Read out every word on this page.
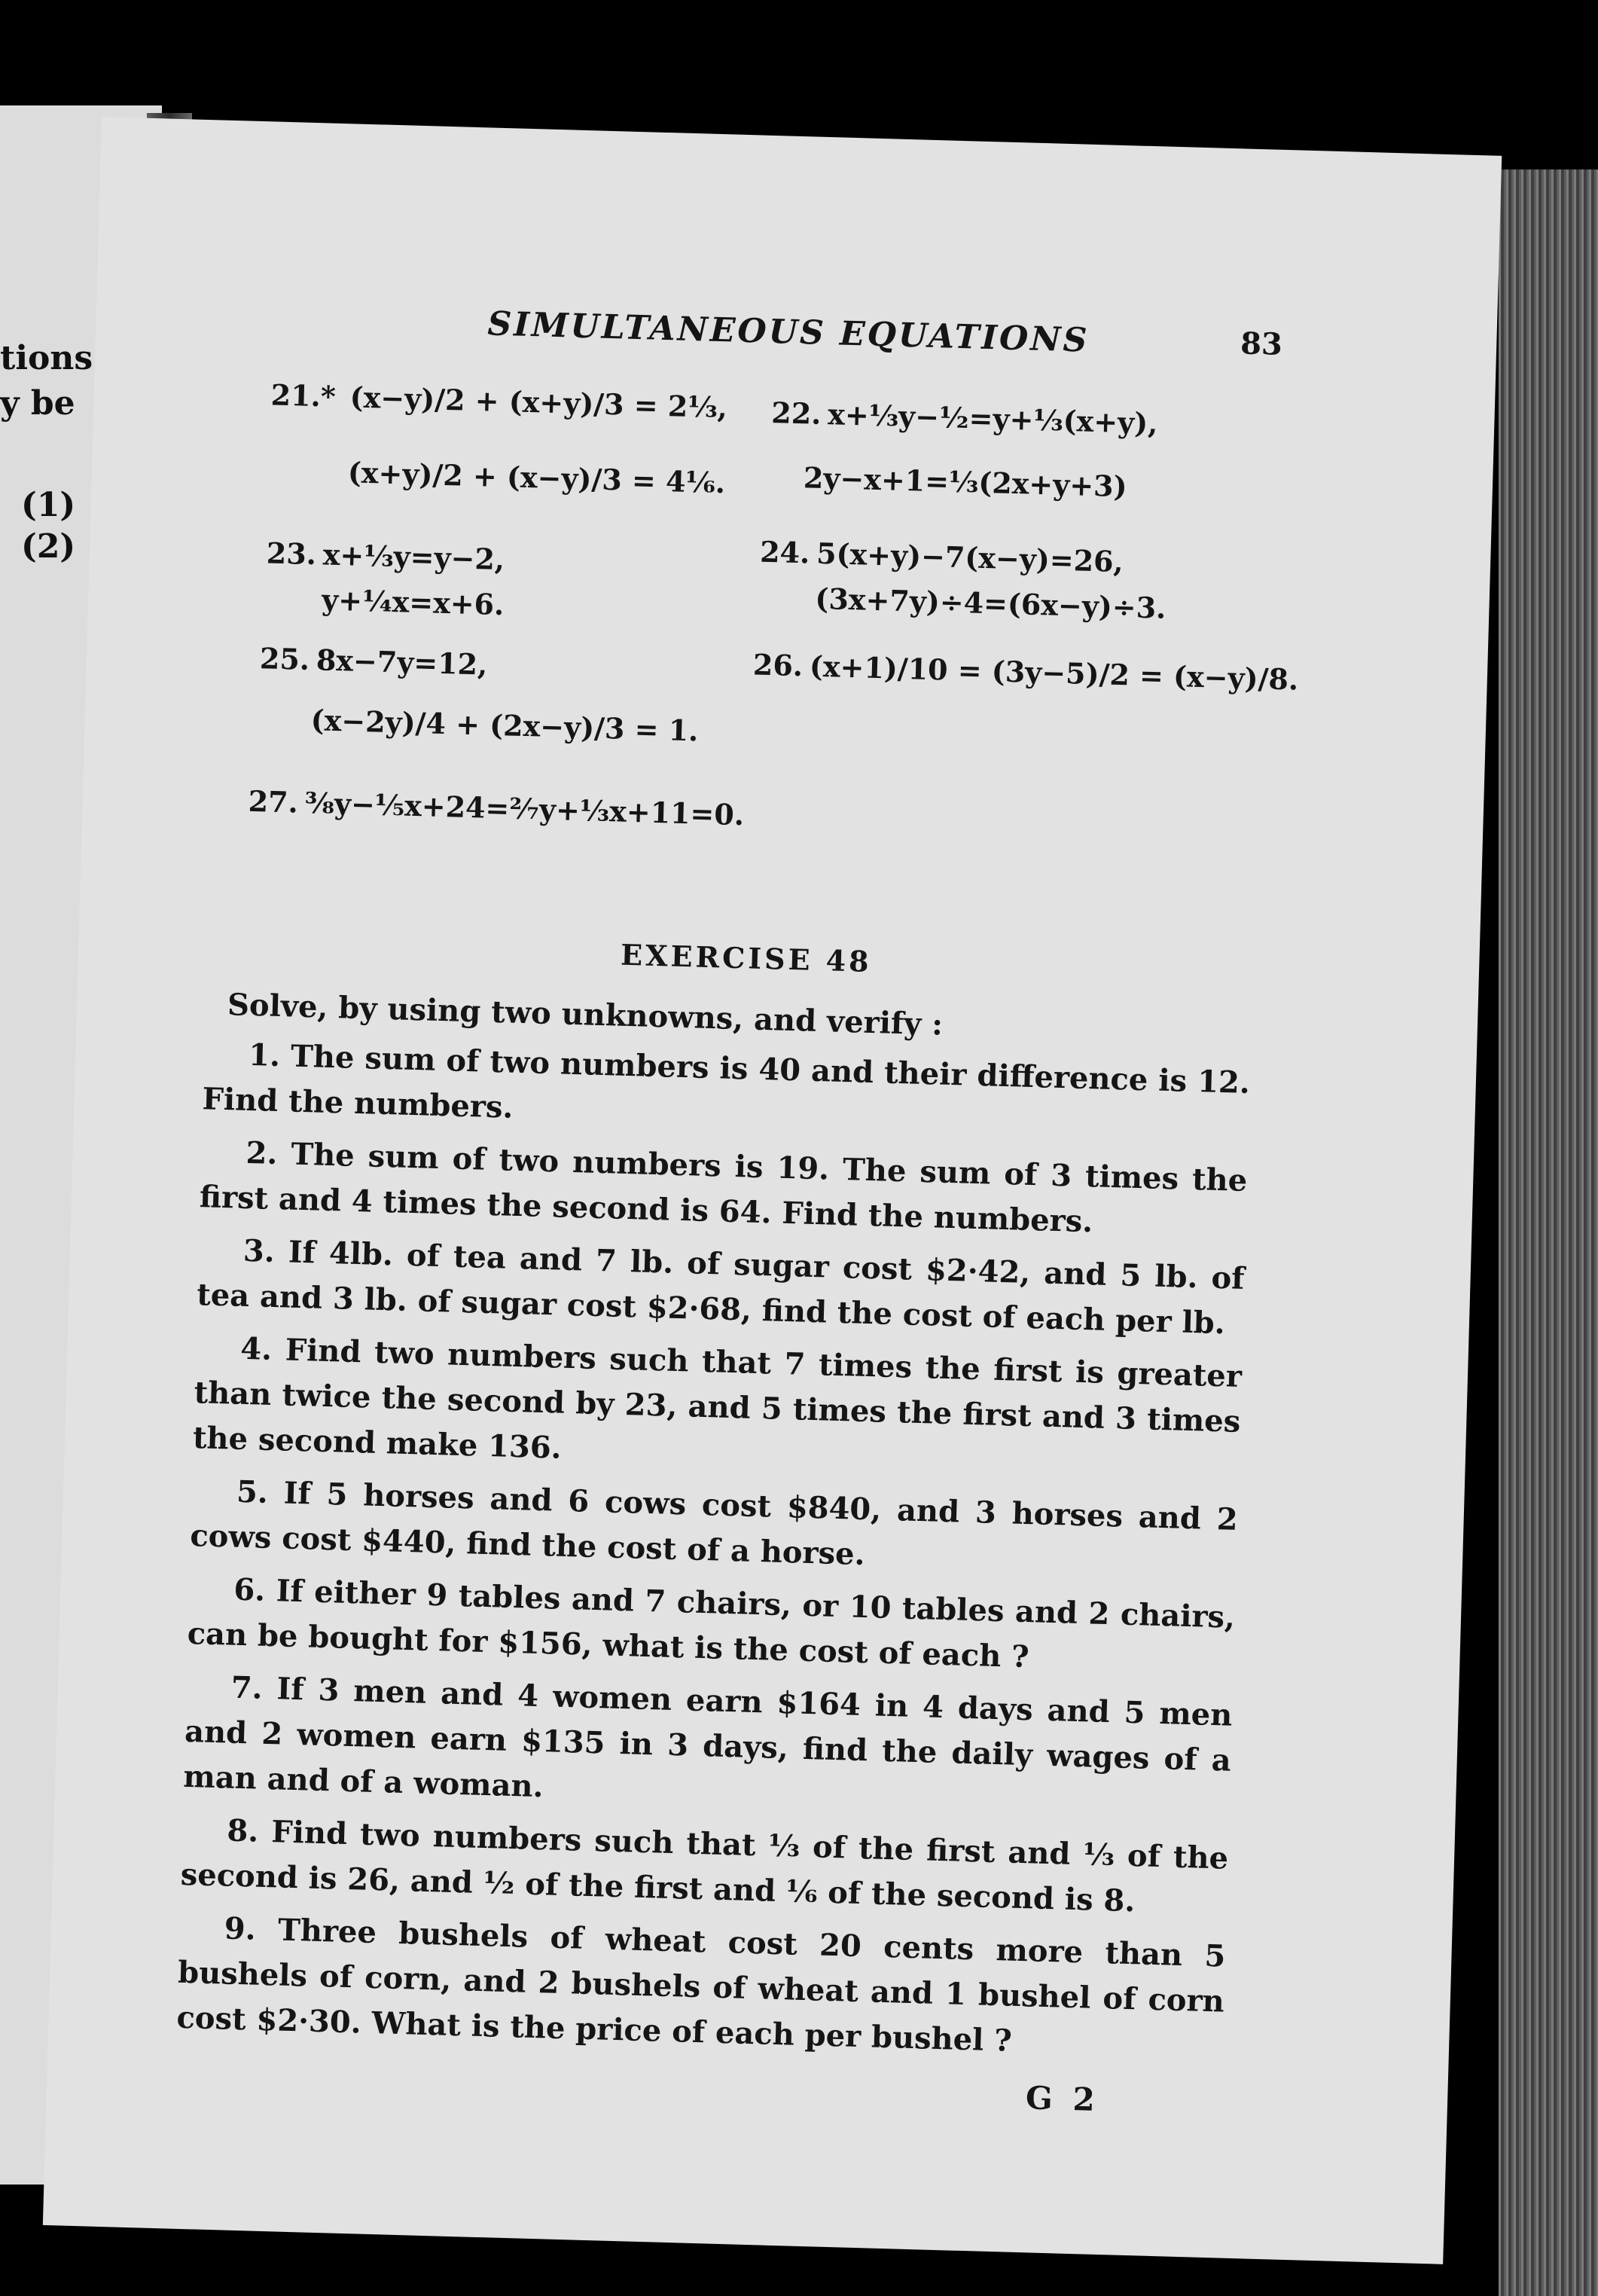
tions
y be
(1)
(2)
SIMULTANEOUS EQUATIONS	83
21.* (x−y)/2 + (x+y)/3 = 2⅓,
(x+y)/2 + (x−y)/3 = 4⅙.
23. x+⅓y=y−2,
y+¼x=x+6.
25. 8x−7y=12,
(x−2y)/4 + (2x−y)/3 = 1.
27. ⅜y−⅕x+24=²⁄₇y+⅓x+11=0.
22. x+⅓y−½=y+⅓(x+y),
2y−x+1=⅓(2x+y+3)
24. 5(x+y)−7(x−y)=26,
(3x+7y)÷4=(6x−y)÷3.
26. (x+1)/10 = (3y−5)/2 = (x−y)/8.
EXERCISE 48
Solve, by using two unknowns, and verify :
1. The sum of two numbers is 40 and their difference is 12. Find the numbers.
2. The sum of two numbers is 19. The sum of 3 times the first and 4 times the second is 64. Find the numbers.
3. If 4lb. of tea and 7 lb. of sugar cost $2·42, and 5 lb. of tea and 3 lb. of sugar cost $2·68, find the cost of each per lb.
4. Find two numbers such that 7 times the first is greater than twice the second by 23, and 5 times the first and 3 times the second make 136.
5. If 5 horses and 6 cows cost $840, and 3 horses and 2 cows cost $440, find the cost of a horse.
6. If either 9 tables and 7 chairs, or 10 tables and 2 chairs, can be bought for $156, what is the cost of each ?
7. If 3 men and 4 women earn $164 in 4 days and 5 men and 2 women earn $135 in 3 days, find the daily wages of a man and of a woman.
8. Find two numbers such that ⅓ of the first and ⅓ of the second is 26, and ½ of the first and ⅙ of the second is 8.
9. Three bushels of wheat cost 20 cents more than 5 bushels of corn, and 2 bushels of wheat and 1 bushel of corn cost $2·30. What is the price of each per bushel ?
G 2
